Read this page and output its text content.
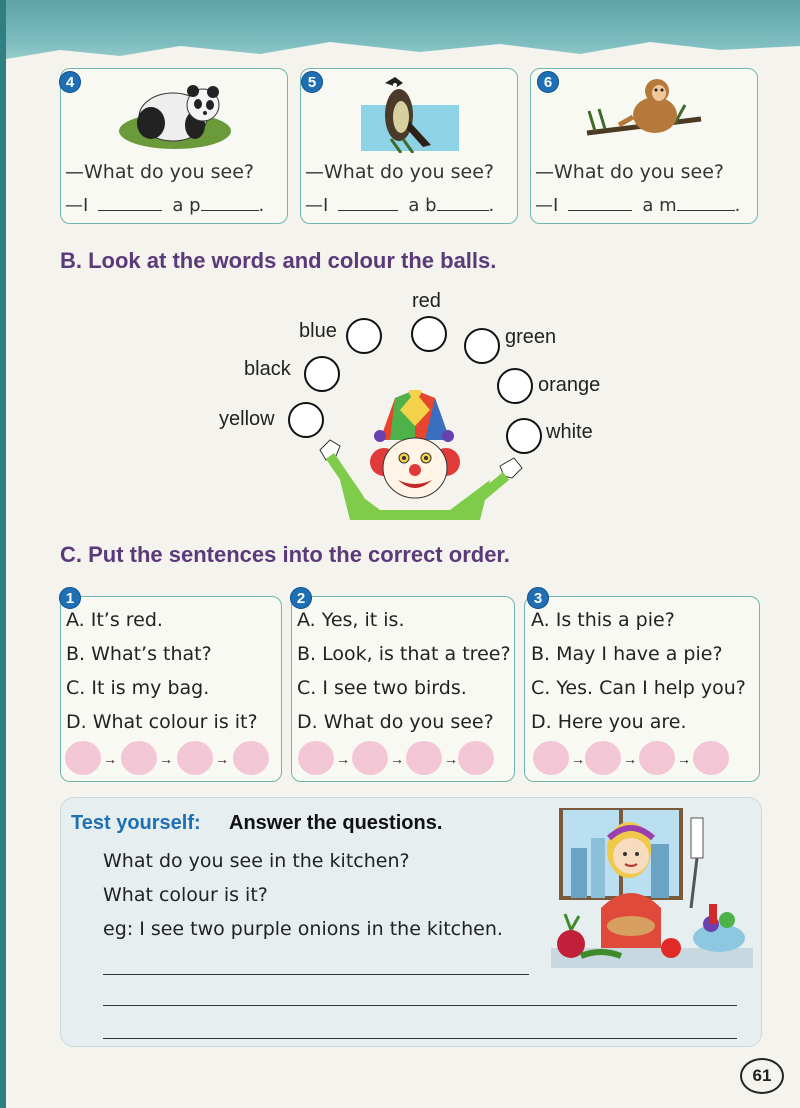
4
—What do you see?
—I	a p	.
5
—What do you see?
—I	a b	.
6
—What do you see?
—I	a m	.
B. Look at the words and colour the balls.
red
blue	green
black
orange
yellow
white
C. Put the sentences into the correct order.
1
A. It’s red.
B. What’s that?
C. It is my bag.
D. What colour is it?
→	→	→
2
A. Yes, it is.
B. Look, is that a tree?
C. I see two birds.
D. What do you see?
→	→	→
3
A. Is this a pie?
B. May I have a pie?
C. Yes. Can I help you?
D. Here you are.
→	→	→
Test yourself: Answer the questions.
What do you see in the kitchen?
What colour is it?
eg: I see two purple onions in the kitchen.
61
